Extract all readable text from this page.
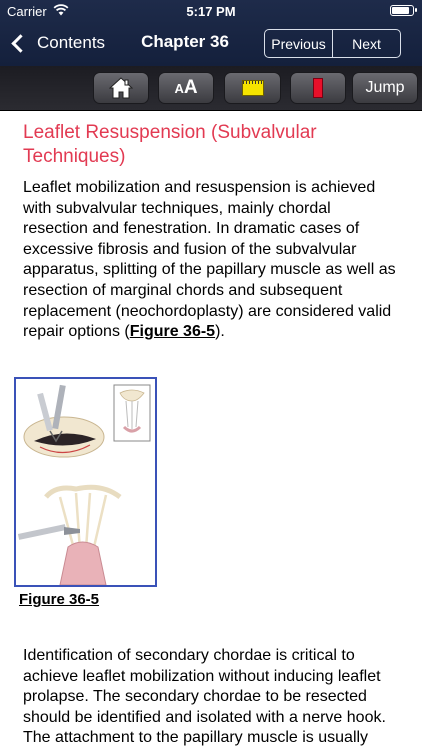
Carrier	5:17 PM
Contents	Chapter 36	Previous	Next
A A	Jump
Leaflet Resuspension (Subvalvular Techniques)

Leaflet mobilization and resuspension is achieved with subvalvular techniques, mainly chordal resection and fenestration. In dramatic cases of excessive fibrosis and fusion of the subvalvular apparatus, splitting of the papillary muscle as well as resection of marginal chords and subsequent replacement (neochordoplasty) are considered valid repair options (Figure 36-5).

Figure 36-5

Identification of secondary chordae is critical to achieve leaflet mobilization without inducing leaflet prolapse. The secondary chordae to be resected should be identified and isolated with a nerve hook. The attachment to the papillary muscle is usually
